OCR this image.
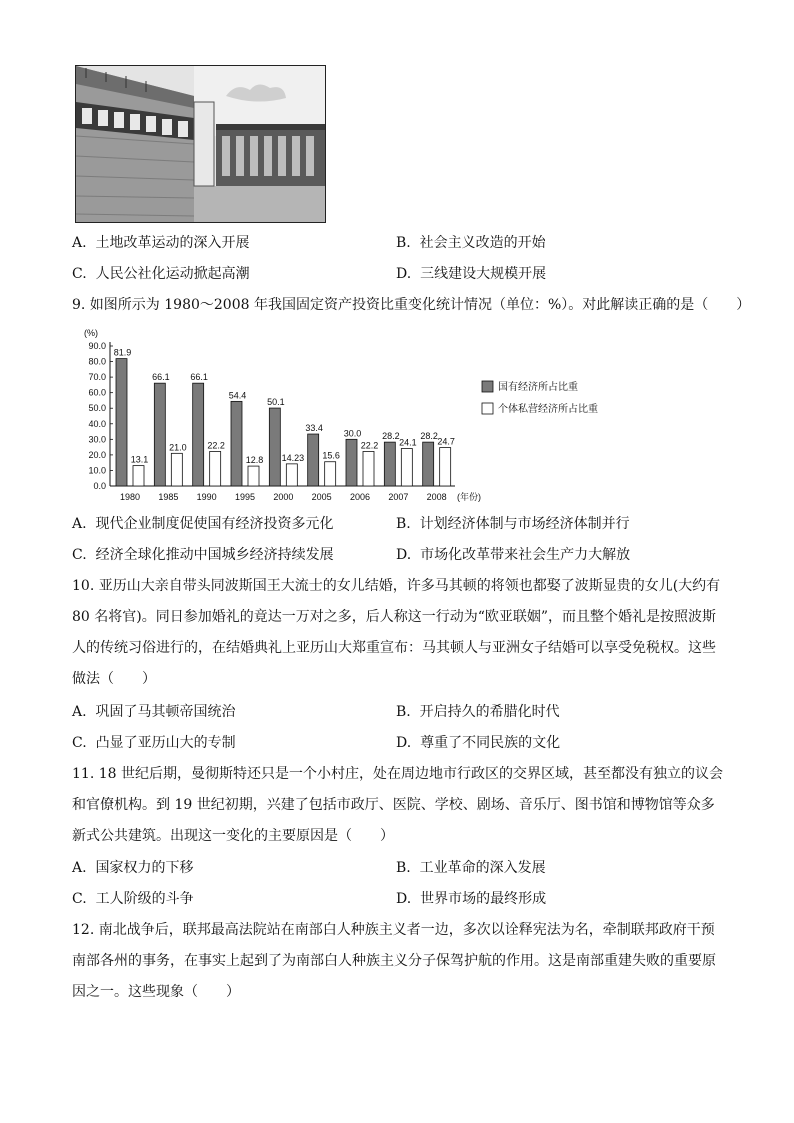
A. 土地改革运动的深入开展	B. 社会主义改造的开始
C. 人民公社化运动掀起高潮	D. 三线建设大规模开展
9. 如图所示为 1980～2008 年我国固定资产投资比重变化统计情况（单位：%）。对此解读正确的是（　　）
(%)
0.0
10.0
20.0
30.0
40.0
50.0
60.0
70.0
80.0
90.0
81.9
13.1
1980
66.1
21.0
1985
66.1
22.2
1990
54.4
12.8
1995
50.1
14.23
2000
33.4
15.6
2005
30.0
22.2
2006
28.2
24.1
2007
28.2
24.7
2008 (年份)
国有经济所占比重
个体私营经济所占比重
A. 现代企业制度促使国有经济投资多元化	B. 计划经济体制与市场经济体制并行
C. 经济全球化推动中国城乡经济持续发展	D. 市场化改革带来社会生产力大解放
10. 亚历山大亲自带头同波斯国王大流士的女儿结婚，许多马其顿的将领也都娶了波斯显贵的女儿(大约有
80 名将官)。同日参加婚礼的竟达一万对之多，后人称这一行动为“欧亚联姻”，而且整个婚礼是按照波斯
人的传统习俗进行的，在结婚典礼上亚历山大郑重宣布：马其顿人与亚洲女子结婚可以享受免税权。这些
做法（　　）
A. 巩固了马其顿帝国统治	B. 开启持久的希腊化时代
C. 凸显了亚历山大的专制	D. 尊重了不同民族的文化
11. 18 世纪后期，曼彻斯特还只是一个小村庄，处在周边地市行政区的交界区域，甚至都没有独立的议会
和官僚机构。到 19 世纪初期，兴建了包括市政厅、医院、学校、剧场、音乐厅、图书馆和博物馆等众多
新式公共建筑。出现这一变化的主要原因是（　　）
A. 国家权力的下移	B. 工业革命的深入发展
C. 工人阶级的斗争	D. 世界市场的最终形成
12. 南北战争后，联邦最高法院站在南部白人种族主义者一边，多次以诠释宪法为名，牵制联邦政府干预
南部各州的事务，在事实上起到了为南部白人种族主义分子保驾护航的作用。这是南部重建失败的重要原
因之一。这些现象（　　）
